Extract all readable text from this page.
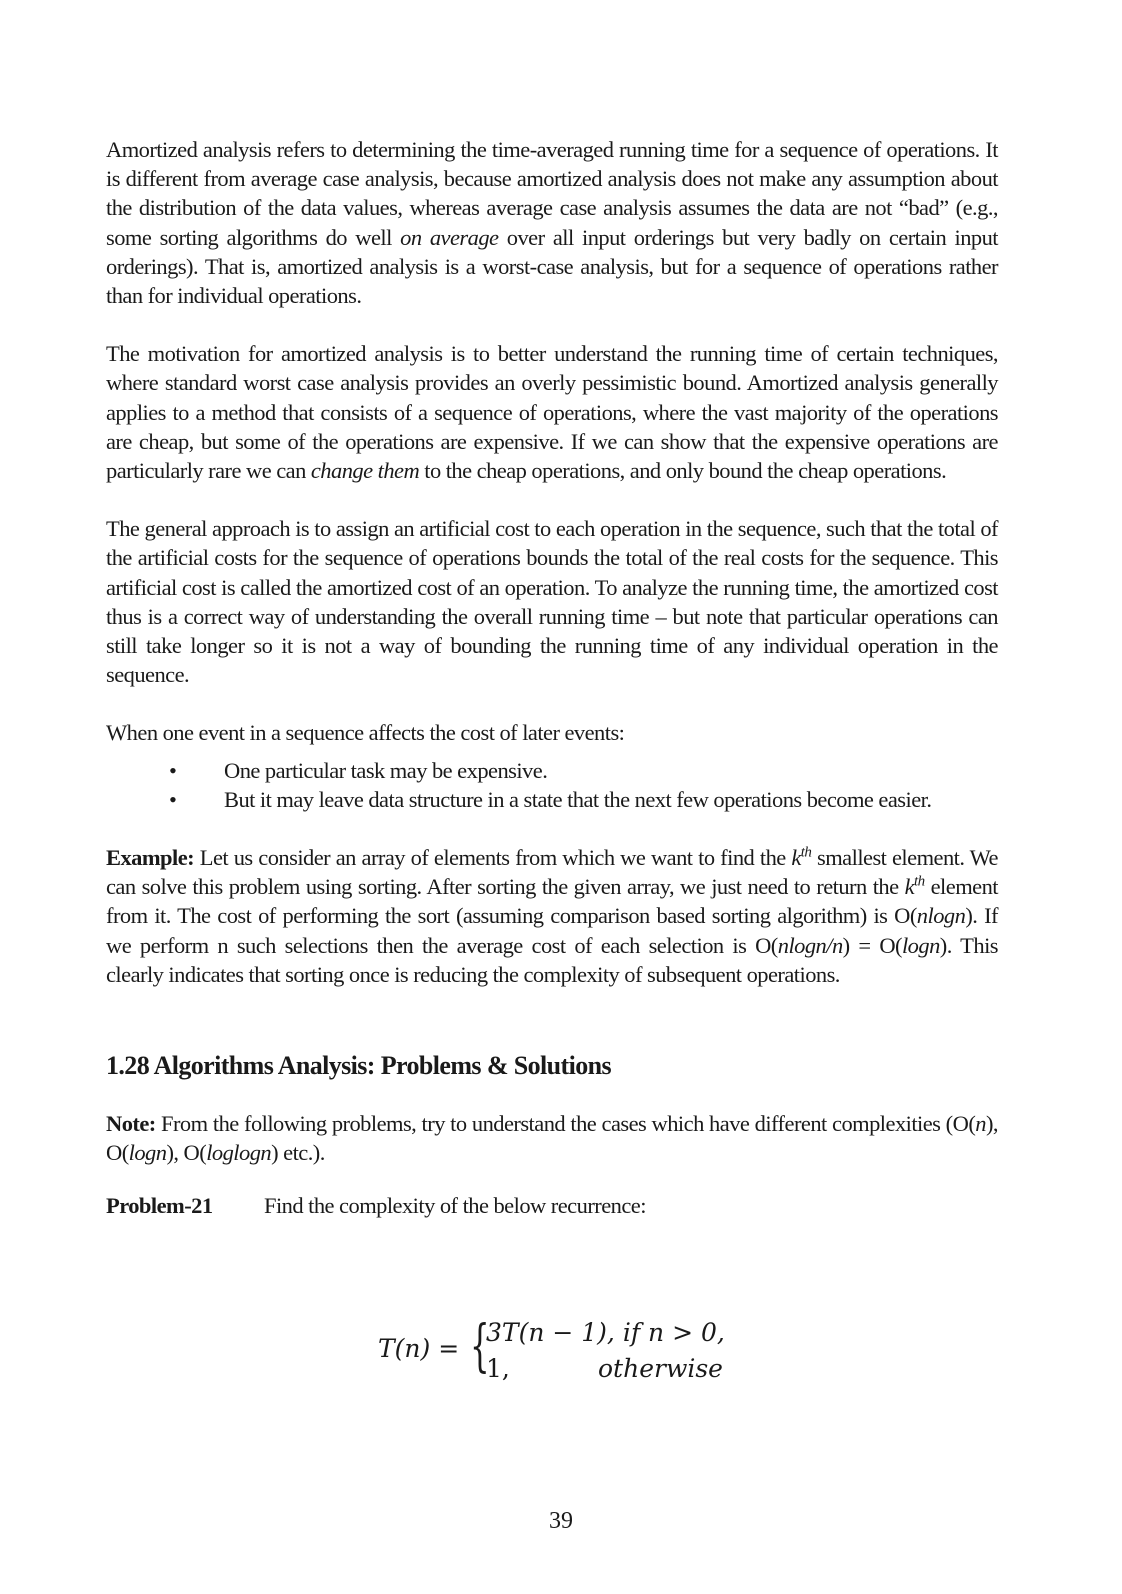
Amortized analysis refers to determining the time-averaged running time for a sequence of operations. It is different from average case analysis, because amortized analysis does not make any assumption about the distribution of the data values, whereas average case analysis assumes the data are not “bad” (e.g., some sorting algorithms do well on average over all input orderings but very badly on certain input orderings). That is, amortized analysis is a worst-case analysis, but for a sequence of operations rather than for individual operations.

The motivation for amortized analysis is to better understand the running time of certain techniques, where standard worst case analysis provides an overly pessimistic bound. Amortized analysis generally applies to a method that consists of a sequence of operations, where the vast majority of the operations are cheap, but some of the operations are expensive. If we can show that the expensive operations are particularly rare we can change them to the cheap operations, and only bound the cheap operations.

The general approach is to assign an artificial cost to each operation in the sequence, such that the total of the artificial costs for the sequence of operations bounds the total of the real costs for the sequence. This artificial cost is called the amortized cost of an operation. To analyze the running time, the amortized cost thus is a correct way of understanding the overall running time – but note that particular operations can still take longer so it is not a way of bounding the running time of any individual operation in the sequence.

When one event in a sequence affects the cost of later events:

• One particular task may be expensive.
• But it may leave data structure in a state that the next few operations become easier.

Example: Let us consider an array of elements from which we want to find the $k^{th}$ smallest element. We can solve this problem using sorting. After sorting the given array, we just need to return the $k^{th}$ element from it. The cost of performing the sort (assuming comparison based sorting algorithm) is O(nlogn). If we perform n such selections then the average cost of each selection is O(nlogn/n) = O(logn). This clearly indicates that sorting once is reducing the complexity of subsequent operations.

1.28 Algorithms Analysis: Problems & Solutions

Note: From the following problems, try to understand the cases which have different complexities (O(n), O(logn), O(loglogn) etc.).

Problem-21	Find the complexity of the below recurrence:
T(n) = {
3T(n − 1), if n > 0,
1,	otherwise
39
